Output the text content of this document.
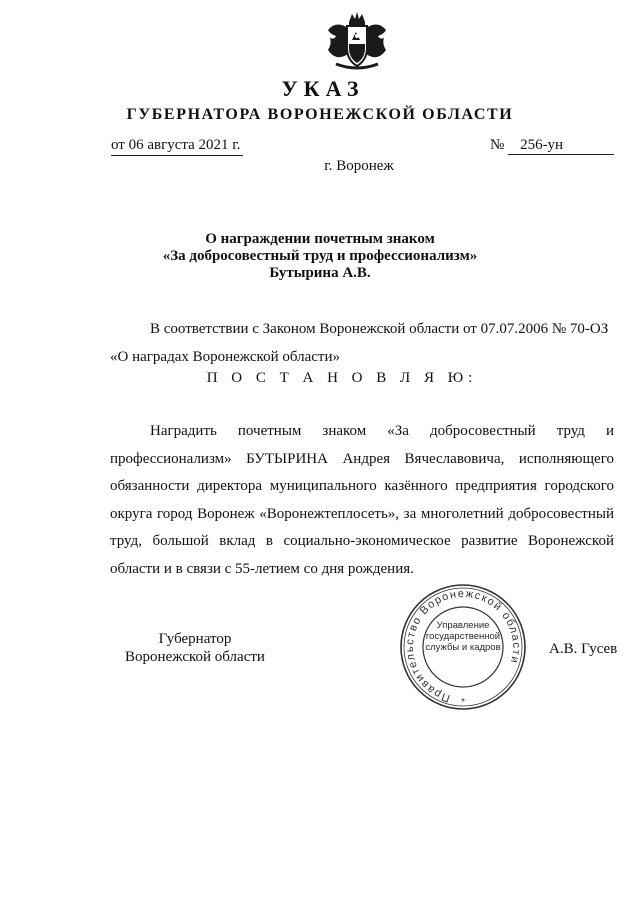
УКАЗ
ГУБЕРНАТОРА ВОРОНЕЖСКОЙ ОБЛАСТИ
от 06 августа 2021 г.	№ 256-ун
г. Воронеж
О награждении почетным знаком
«За добросовестный труд и профессионализм»
Бутырина А.В.
В соответствии с Законом Воронежской области от 07.07.2006 № 70-ОЗ
«О наградах Воронежской области»
П О С Т А Н О В Л Я Ю:

Наградить почетным знаком «За добросовестный труд и профессионализм» БУТЫРИНА Андрея Вячеславовича, исполняющего обязанности директора муниципального казённого предприятия городского округа город Воронеж «Воронежтеплосеть», за многолетний добросовестный труд, большой вклад в социально-экономическое развитие Воронежской области и в связи с 55-летием со дня рождения.

Губернатор
Воронежской области
Правительство Воронежской области
*
Управление
государственной
службы и кадров	А.В. Гусев
